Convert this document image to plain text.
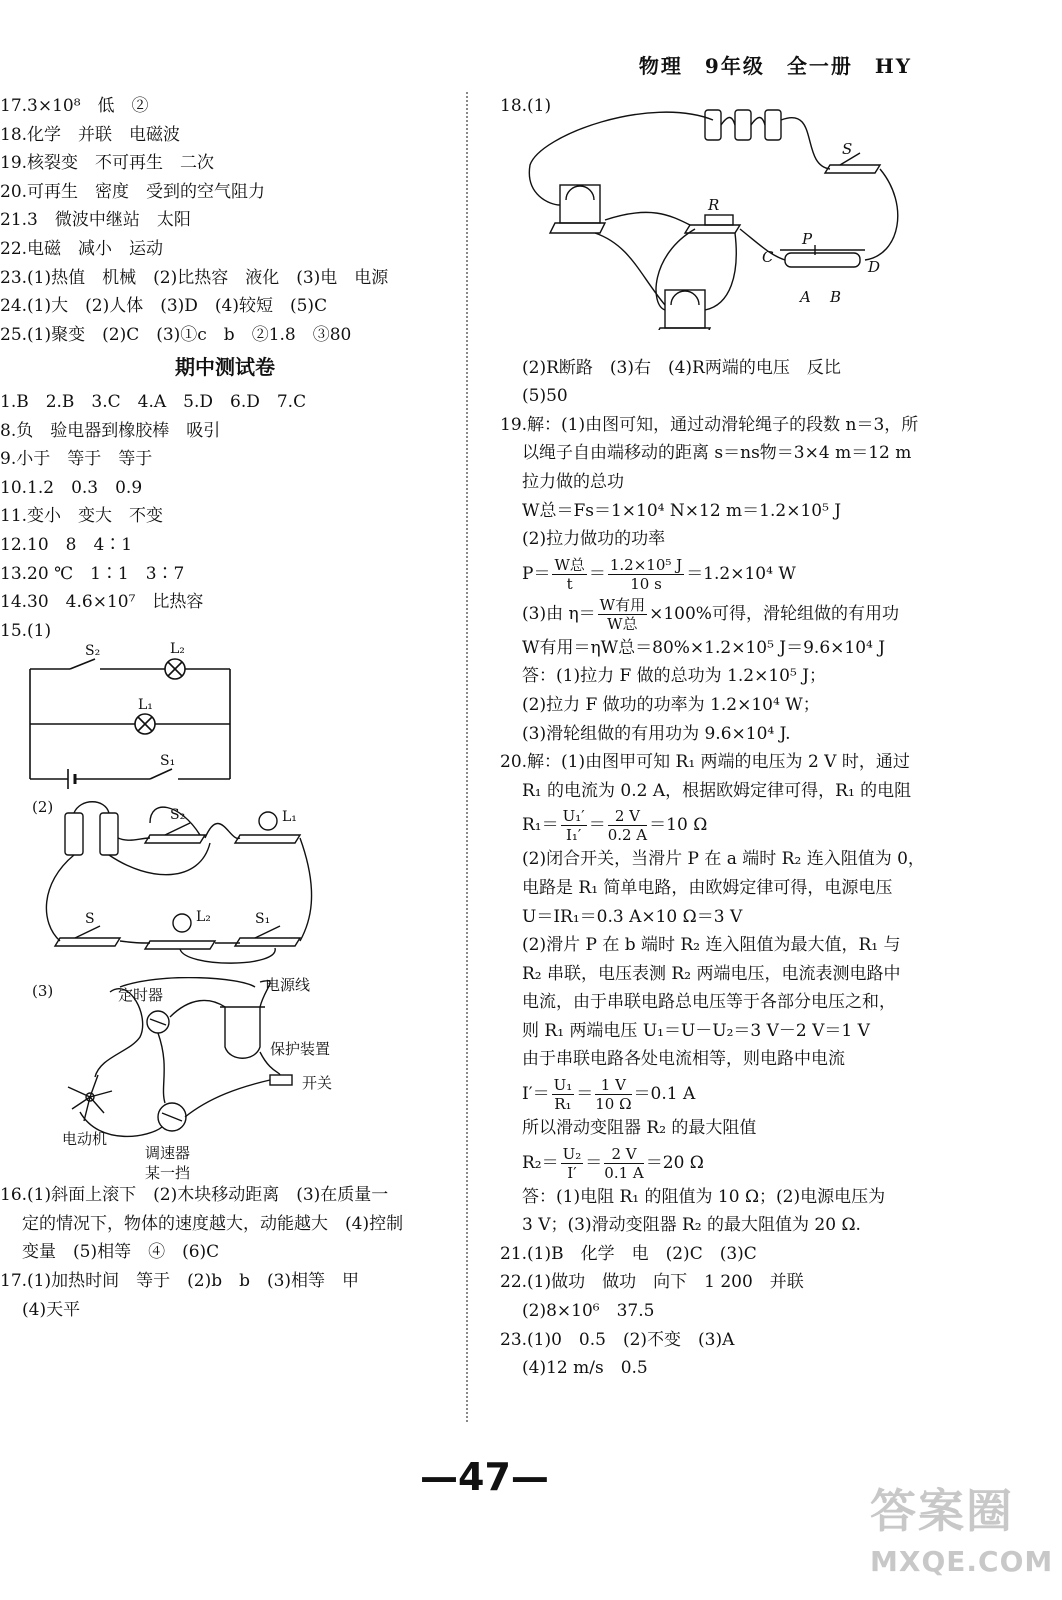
物理　9年级　全一册　HY
17.3×10⁸　低　②
18.化学　并联　电磁波
19.核裂变　不可再生　二次
20.可再生　密度　受到的空气阻力
21.3　微波中继站　太阳
22.电磁　减小　运动
23.(1)热值　机械　(2)比热容　液化　(3)电　电源
24.(1)大　(2)人体　(3)D　(4)较短　(5)C
25.(1)聚变　(2)C　(3)①c　b　②1.8　③80
期中测试卷
1.B　2.B　3.C　4.A　5.D　6.D　7.C
8.负　验电器到橡胶棒　吸引
9.小于　等于　等于
10.1.2　0.3　0.9
11.变小　变大　不变
12.10　8　4∶1
13.20 ℃　1∶1　3∶7
14.30　4.6×10⁷　比热容
15.(1)
S₂	L₂
L₁
S₁
(2)	S₂	L₁
S	L₂	S₁
(3)	定时器
电源线
保护装置
开关
电动机
调速器
某一挡
16.(1)斜面上滚下　(2)木块移动距离　(3)在质量一
定的情况下，物体的速度越大，动能越大　(4)控制
变量　(5)相等　④　(6)C
17.(1)加热时间　等于　(2)b　b　(3)相等　甲
(4)天平
18.(1)
S
R
P
C
D
A B
(2)R断路　(3)右　(4)R两端的电压　反比
(5)50
19.解：(1)由图可知，通过动滑轮绳子的段数 n＝3，所
以绳子自由端移动的距离 s＝ns物＝3×4 m＝12 m
拉力做的总功
W总＝Fs＝1×10⁴ N×12 m＝1.2×10⁵ J
(2)拉力做功的功率
$P= \frac{\text{W总}}{t} = \frac{\text{1.2×10⁵ J}}{10 s} =1.2\times 10^4$ W
(3)由 $\eta= \frac{\text{W有用}}{\text{W总}} \times 100\%$可得，滑轮组做的有用功
W有用＝ηW总＝80%×1.2×10⁵ J＝9.6×10⁴ J
答：(1)拉力 F 做的总功为 1.2×10⁵ J；
(2)拉力 F 做功的功率为 1.2×10⁴ W；
(3)滑轮组做的有用功为 9.6×10⁴ J.
20.解：(1)由图甲可知 R₁ 两端的电压为 2 V 时，通过
R₁ 的电流为 0.2 A，根据欧姆定律可得，R₁ 的电阻
$R_1= \frac{\text{U₁′}}{\text{I₁′}} = \frac{2 V}{0.2 A} =10$ Ω
(2)闭合开关，当滑片 P 在 a 端时 R₂ 连入阻值为 0，
电路是 R₁ 简单电路，由欧姆定律可得，电源电压
U＝IR₁＝0.3 A×10 Ω＝3 V
(2)滑片 P 在 b 端时 R₂ 连入阻值为最大值，R₁ 与
R₂ 串联，电压表测 R₂ 两端电压，电流表测电路中
电流，由于串联电路总电压等于各部分电压之和，
则 R₁ 两端电压 U₁＝U－U₂＝3 V－2 V＝1 V
由于串联电路各处电流相等，则电路中电流
$I'= \frac{\text{U₁}}{\text{R₁}} = \frac{1 V}{10 \Omega} =0.1$ A
所以滑动变阻器 R₂ 的最大阻值
$R_2= \frac{\text{U₂}}{I'} = \frac{2 V}{0.1 A} =20$ Ω
答：(1)电阻 R₁ 的阻值为 10 Ω；(2)电源电压为
3 V；(3)滑动变阻器 R₂ 的最大阻值为 20 Ω.
21.(1)B　化学　电　(2)C　(3)C
22.(1)做功　做功　向下　1 200　并联
(2)8×10⁶　37.5
23.(1)0　0.5　(2)不变　(3)A
(4)12 m/s　0.5
—47—
答案圈
MXQE.COM
